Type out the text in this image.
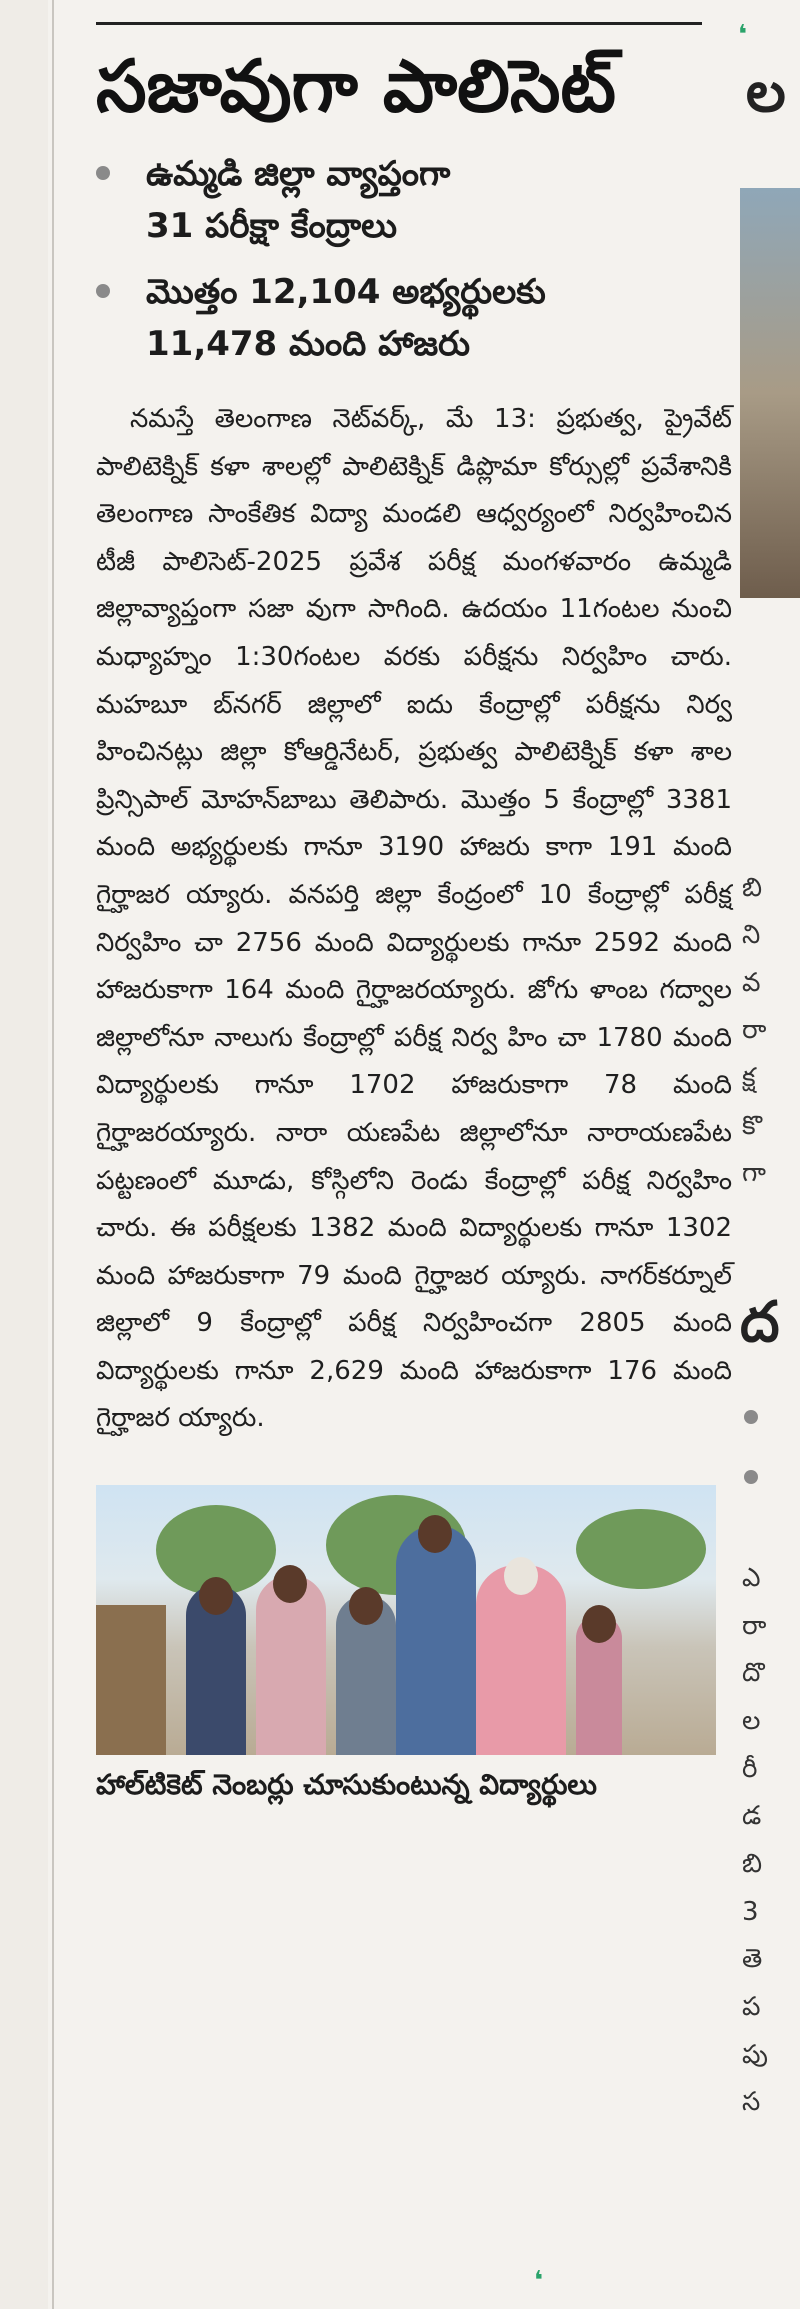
❛
సజావుగా పాలిసెట్
ఉమ్మడి జిల్లా వ్యాప్తంగా
31 పరీక్షా కేంద్రాలు
మొత్తం 12,104 అభ్యర్థులకు
11,478 మంది హాజరు

నమస్తే తెలంగాణ నెట్‌వర్క్, మే 13: ప్రభుత్వ, ప్రైవేట్ పాలిటెక్నిక్ కళా శాలల్లో పాలిటెక్నిక్ డిప్లొమా కోర్సుల్లో ప్రవేశానికి తెలంగాణ సాంకేతిక విద్యా మండలి ఆధ్వర్యంలో నిర్వహించిన టీజీ పాలిసెట్-2025 ప్రవేశ పరీక్ష మంగళవారం ఉమ్మడి జిల్లావ్యాప్తంగా సజా వుగా సాగింది. ఉదయం 11గంటల నుంచి మధ్యాహ్నం 1:30గంటల వరకు పరీక్షను నిర్వహిం చారు. మహబూ బ్‌నగర్ జిల్లాలో ఐదు కేంద్రాల్లో పరీక్షను నిర్వ హించినట్లు జిల్లా కోఆర్డినేటర్, ప్రభుత్వ పాలిటెక్నిక్ కళా శాల ప్రిన్సిపాల్ మోహన్‌బాబు తెలిపారు. మొత్తం 5 కేంద్రాల్లో 3381 మంది అభ్యర్థులకు గానూ 3190 హాజరు కాగా 191 మంది గైర్హాజర య్యారు. వనపర్తి జిల్లా కేంద్రంలో 10 కేంద్రాల్లో పరీక్ష నిర్వహిం చా 2756 మంది విద్యార్థులకు గానూ 2592 మంది హాజరుకాగా 164 మంది గైర్హాజరయ్యారు. జోగు ళాంబ గద్వాల జిల్లాలోనూ నాలుగు కేంద్రాల్లో పరీక్ష నిర్వ హిం చా 1780 మంది విద్యార్థులకు గానూ 1702 హాజరుకాగా 78 మంది గైర్హాజరయ్యారు. నారా యణపేట జిల్లాలోనూ నారాయణపేట పట్టణంలో మూడు, కోస్గిలోని రెండు కేంద్రాల్లో పరీక్ష నిర్వహిం చారు. ఈ పరీక్షలకు 1382 మంది విద్యార్థులకు గానూ 1302 మంది హాజరుకాగా 79 మంది గైర్హాజర య్యారు. నాగర్‌కర్నూల్ జిల్లాలో 9 కేంద్రాల్లో పరీక్ష నిర్వహించగా 2805 మంది విద్యార్థులకు గానూ 2,629 మంది హాజరుకాగా 176 మంది గైర్హాజర య్యారు.

హాల్‌టికెట్ నెంబర్లు చూసుకుంటున్న విద్యార్థులు
ల
బి
ని
వ
రా
క్ష
కొ
గా
ద
ఎ
రా
దొ
ల
రీ
డ
బి
3
తె
ప
పు
స
❛
